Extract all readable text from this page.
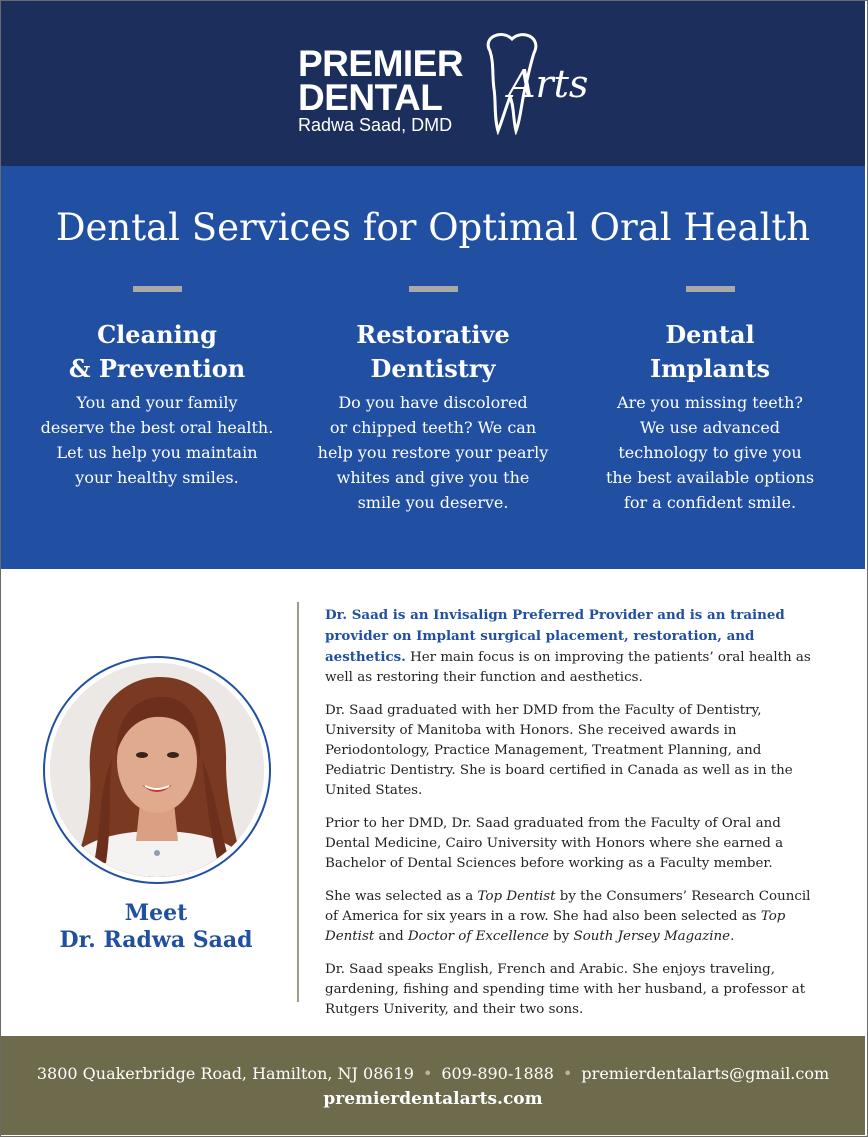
PREMIER
DENTAL Arts
Radwa Saad, DMD
Dental Services for Optimal Oral Health
Cleaning
& Prevention
You and your family
deserve the best oral health.
Let us help you maintain
your healthy smiles.
Restorative
Dentistry
Do you have discolored
or chipped teeth? We can
help you restore your pearly
whites and give you the
smile you deserve.
Dental
Implants
Are you missing teeth?
We use advanced
technology to give you
the best available options
for a confident smile.
Meet
Dr. Radwa Saad

Dr. Saad is an Invisalign Preferred Provider and is an trained provider on Implant surgical placement, restoration, and aesthetics. Her main focus is on improving the patients’ oral health as well as restoring their function and aesthetics.

Dr. Saad graduated with her DMD from the Faculty of Dentistry, University of Manitoba with Honors. She received awards in Periodontology, Practice Management, Treatment Planning, and Pediatric Dentistry. She is board certified in Canada as well as in the United States.

Prior to her DMD, Dr. Saad graduated from the Faculty of Oral and Dental Medicine, Cairo University with Honors where she earned a Bachelor of Dental Sciences before working as a Faculty member.

She was selected as a Top Dentist by the Consumers’ Research Council of America for six years in a row. She had also been selected as Top Dentist and Doctor of Excellence by South Jersey Magazine.

Dr. Saad speaks English, French and Arabic. She enjoys traveling, gardening, fishing and spending time with her husband, a professor at Rutgers Univerity, and their two sons.

3800 Quakerbridge Road, Hamilton, NJ 08619 • 609-890-1888 • premierdentalarts@gmail.com
premierdentalarts.com
